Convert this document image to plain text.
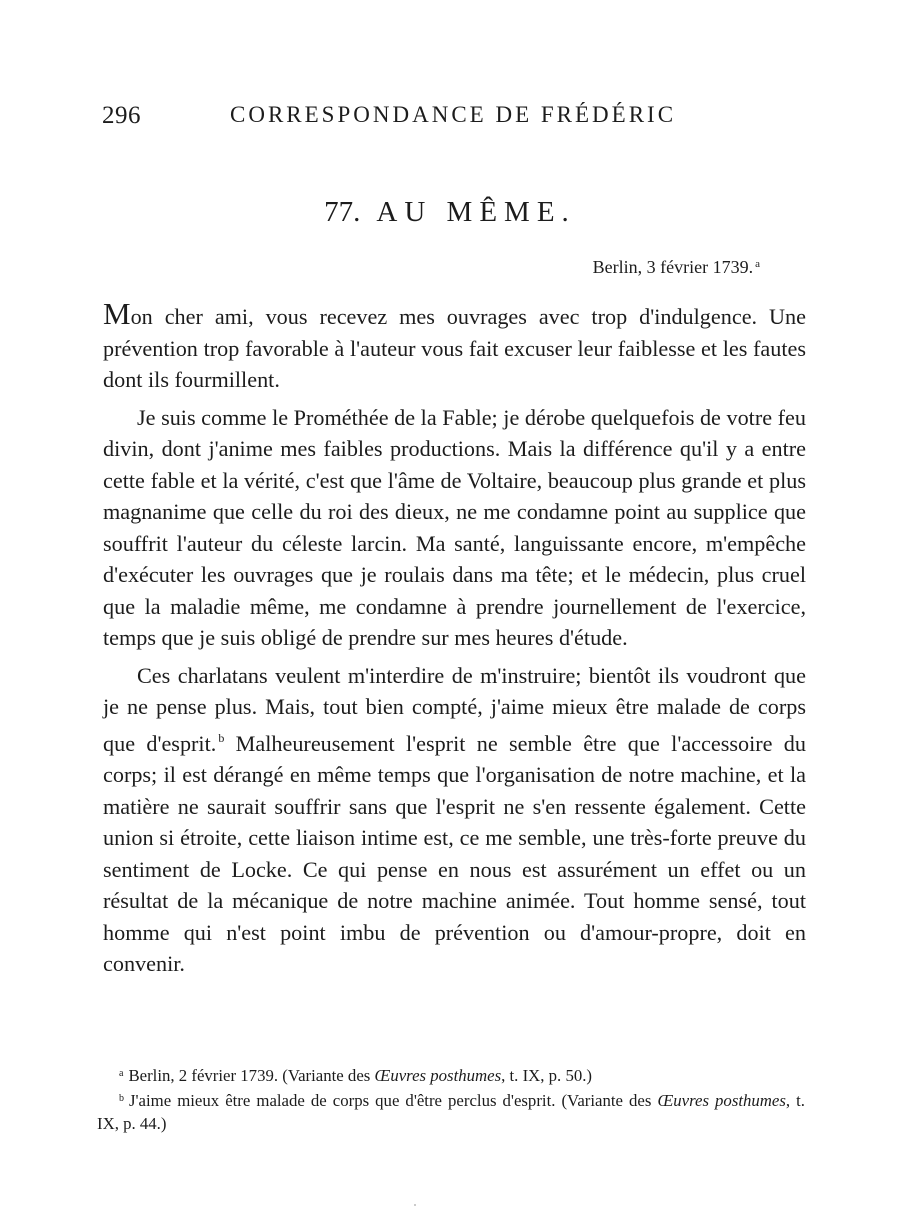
296	CORRESPONDANCE DE FRÉDÉRIC
77. AU MÊME.
Berlin, 3 février 1739. $^a$

Mon cher ami, vous recevez mes ouvrages avec trop d'indulgence. Une prévention trop favorable à l'auteur vous fait excuser leur faiblesse et les fautes dont ils fourmillent.

Je suis comme le Prométhée de la Fable; je dérobe quelquefois de votre feu divin, dont j'anime mes faibles productions. Mais la différence qu'il y a entre cette fable et la vérité, c'est que l'âme de Voltaire, beaucoup plus grande et plus magnanime que celle du roi des dieux, ne me condamne point au supplice que souffrit l'auteur du céleste larcin. Ma santé, languissante encore, m'empêche d'exécuter les ouvrages que je roulais dans ma tête; et le médecin, plus cruel que la maladie même, me condamne à prendre journellement de l'exercice, temps que je suis obligé de prendre sur mes heures d'étude.

Ces charlatans veulent m'interdire de m'instruire; bientôt ils voudront que je ne pense plus. Mais, tout bien compté, j'aime mieux être malade de corps que d'esprit. $^b$ Malheureusement l'esprit ne semble être que l'accessoire du corps; il est dérangé en même temps que l'organisation de notre machine, et la matière ne saurait souffrir sans que l'esprit ne s'en ressente également. Cette union si étroite, cette liaison intime est, ce me semble, une très-forte preuve du sentiment de Locke. Ce qui pense en nous est assurément un effet ou un résultat de la mécanique de notre machine animée. Tout homme sensé, tout homme qui n'est point imbu de prévention ou d'amour-propre, doit en convenir.

$^a$ Berlin, 2 février 1739. (Variante des Œuvres posthumes, t. IX, p. 50.)

$^b$ J'aime mieux être malade de corps que d'être perclus d'esprit. (Variante des Œuvres posthumes, t. IX, p. 44.)
